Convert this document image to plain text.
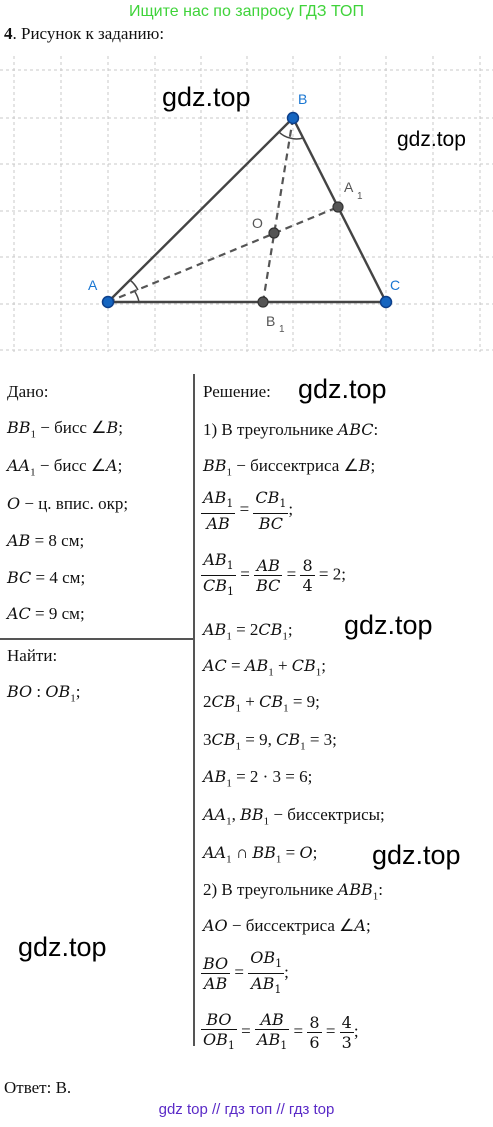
Ищите нас по запросу ГДЗ ТОП
4. Рисунок к заданию:
A
B
C
O
A
1
B
1
gdz.top
gdz.top
Дано:
$BB_1$ − бисс ∠B;
$AA_1$ − бисс ∠A;
O − ц. впис. окр;
AB = 8 см;
BC = 4 см;
AC = 9 см;
Найти:
BO : $OB_1$;
Решение: gdz.top
1) В треугольнике ABC:
$BB_1$ − биссектриса ∠B;
$\frac{AB_1}{AB} = \frac{CB_1}{BC}$ ;
$\frac{AB_1}{CB_1} = \frac{AB}{BC} = \frac{8}{4} = 2$;
$AB_1 = 2CB_1$; gdz.top
AC = $AB_1 + CB_1$;
$2CB_1 + CB_1 = 9$;
$3CB_1 = 9$, $CB_1 = 3$;
$AB_1 = 2 \cdot 3 = 6$;
$AA_1$, $BB_1$ − биссектрисы;
$AA_1$ ∩ $BB_1 = O$; gdz.top
2) В треугольнике $ABB_1$:
AO − биссектриса ∠A;
$\frac{BO}{AB} = \frac{OB_1}{AB_1}$ ;
$\frac{BO}{OB_1} = \frac{AB}{AB_1} = \frac{8}{6} = \frac{4}{3}$ ;
gdz.top
Ответ: B.
gdz top // гдз топ // гдз top
